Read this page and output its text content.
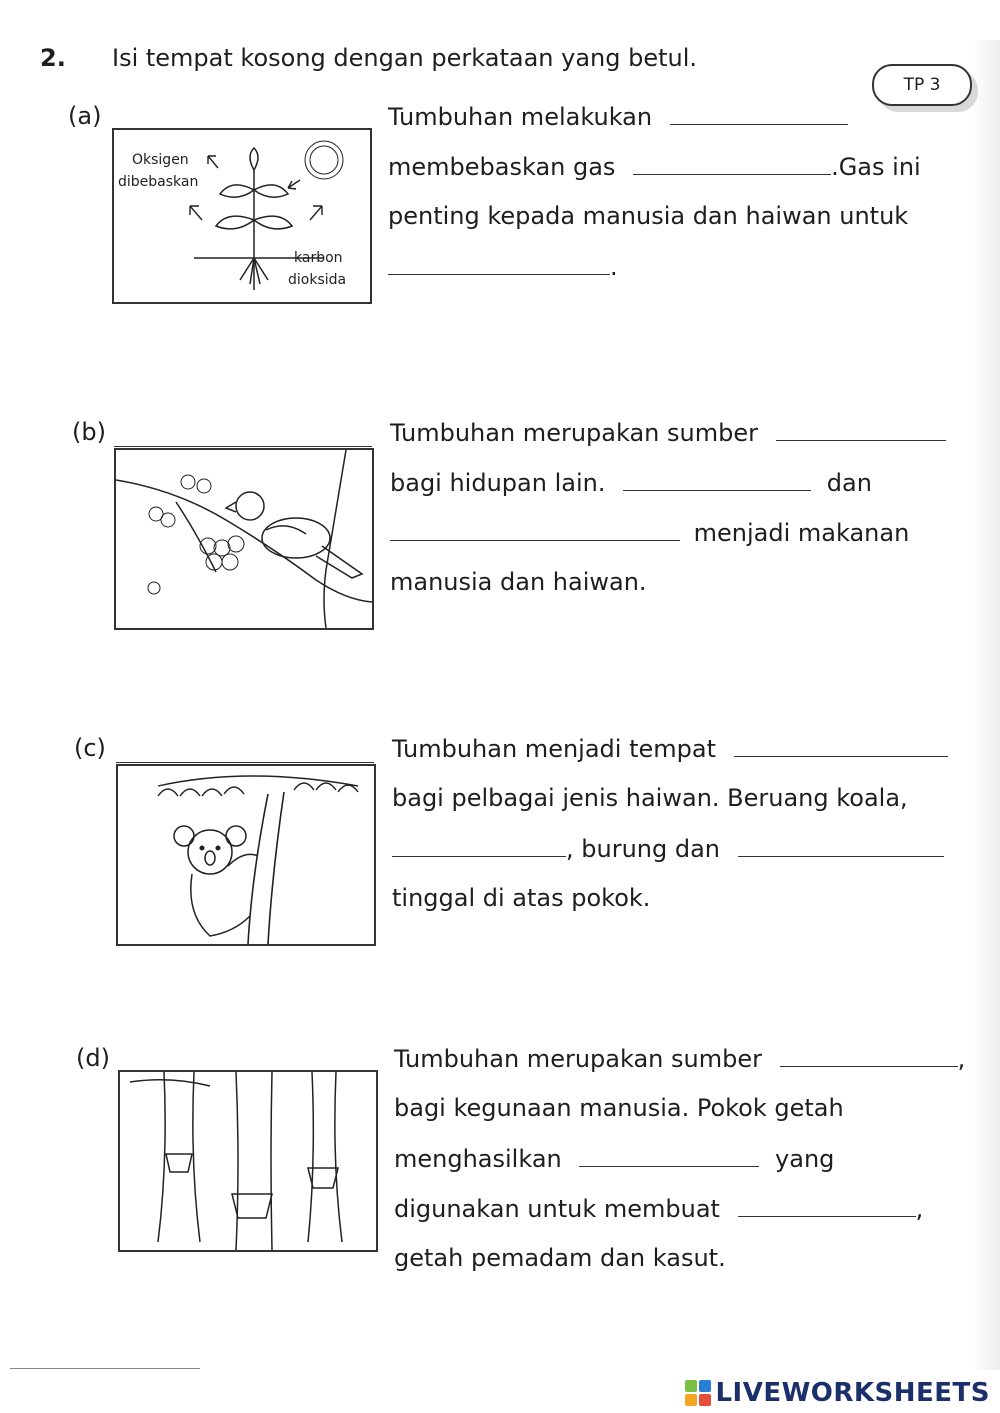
2. Isi tempat kosong dengan perkataan yang betul.
TP 3
(a)
Oksigen
dibebaskan
karbon
dioksida
Tumbuhan melakukan
membebaskan gas	.Gas ini
penting kepada manusia dan haiwan untuk
.
(b)	Tumbuhan merupakan sumber
bagi hidupan lain.	dan
menjadi makanan
manusia dan haiwan.
(c)	Tumbuhan menjadi tempat
bagi pelbagai jenis haiwan. Beruang koala,
, burung dan
tinggal di atas pokok.
(d)	Tumbuhan merupakan sumber	,
bagi kegunaan manusia. Pokok getah
menghasilkan	yang
digunakan untuk membuat	,
getah pemadam dan kasut.
LIVEWORKSHEETS
